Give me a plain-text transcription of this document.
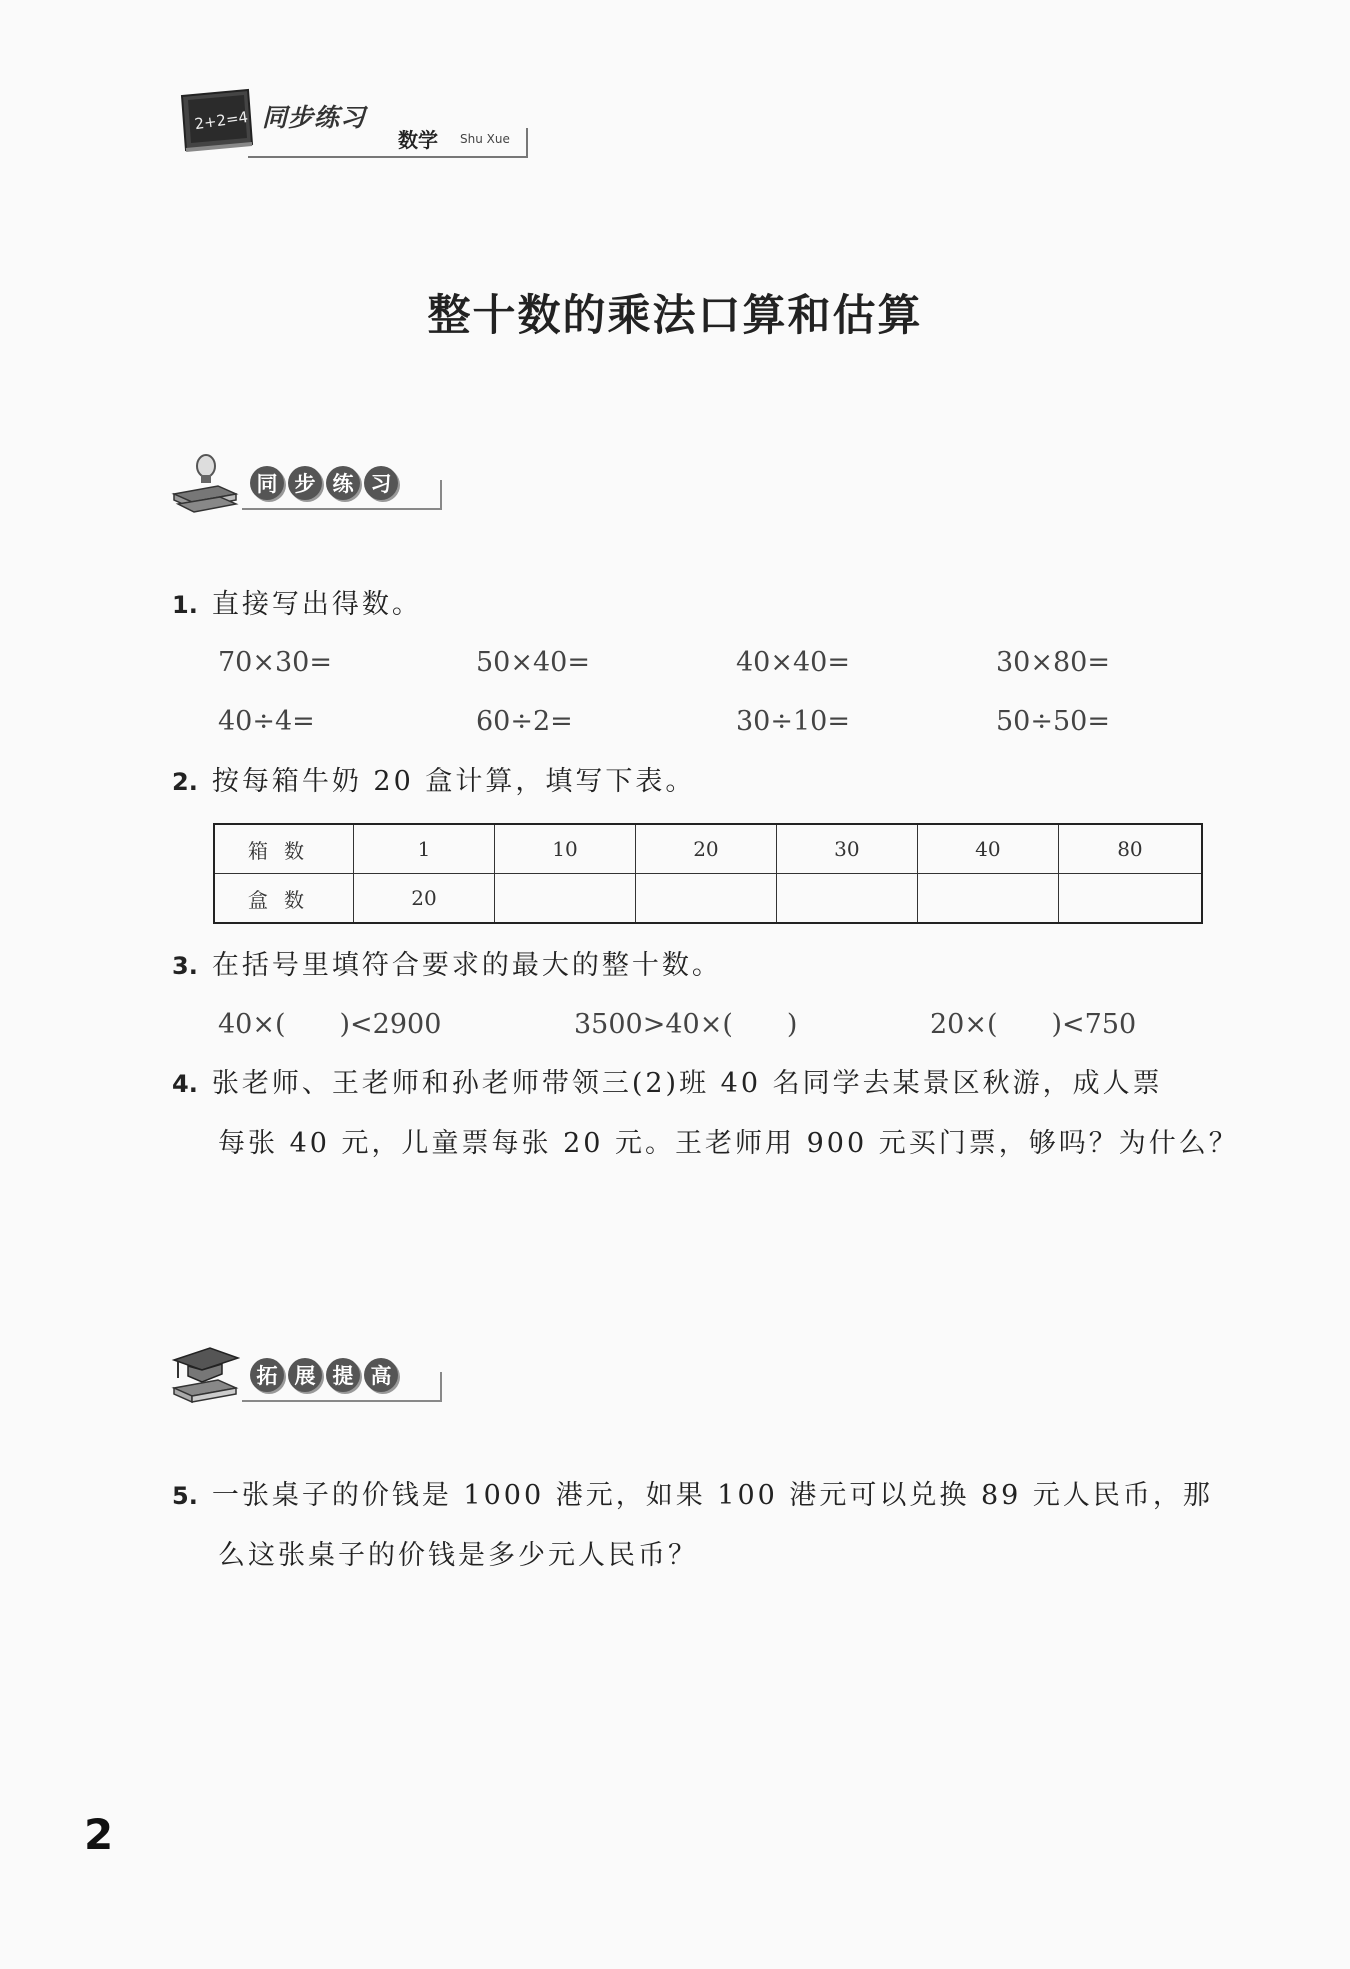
2+2=4 同步练习
数学 Shu Xue
整十数的乘法口算和估算
同 步 练 习
1. 直接写出得数。
70×30=	50×40=	40×40=	30×80=
40÷4=	60÷2=	30÷10=	50÷50=
2. 按每箱牛奶 20 盒计算，填写下表。
箱数	1	10	20	30	40	80
盒数	20					
3. 在括号里填符合要求的最大的整十数。
40×(　　)<2900	3500>40×(　　)	20×(　　)<750
4. 张老师、王老师和孙老师带领三(2)班 40 名同学去某景区秋游，成人票
每张 40 元，儿童票每张 20 元。王老师用 900 元买门票，够吗？为什么？
拓 展 提 高
5. 一张桌子的价钱是 1000 港元，如果 100 港元可以兑换 89 元人民币，那
么这张桌子的价钱是多少元人民币？
2
